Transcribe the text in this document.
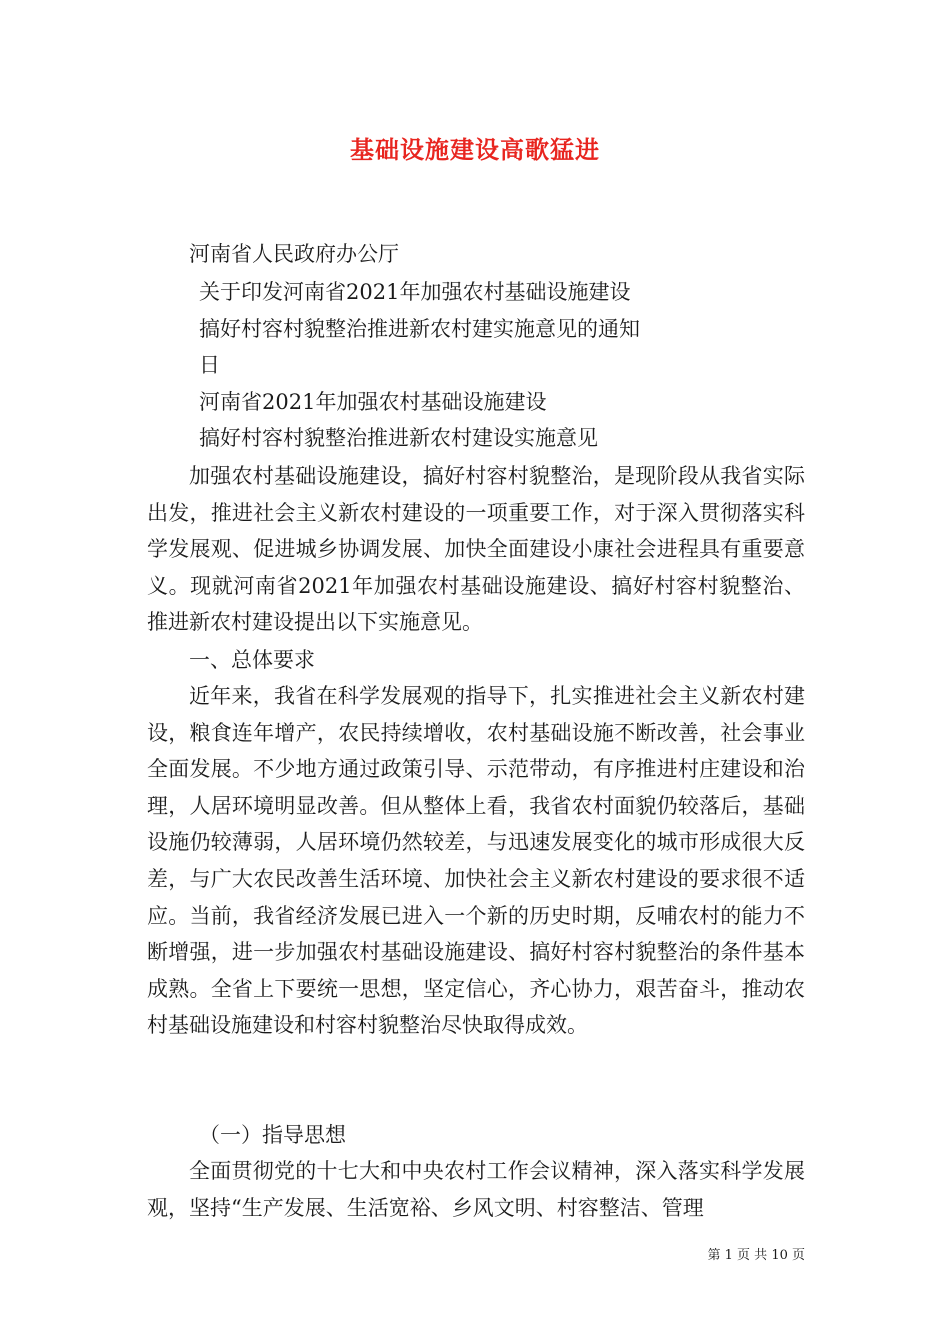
基础设施建设高歌猛进
河南省人民政府办公厅
关于印发河南省2021年加强农村基础设施建设
搞好村容村貌整治推进新农村建实施意见的通知
日
河南省2021年加强农村基础设施建设
搞好村容村貌整治推进新农村建设实施意见

加强农村基础设施建设，搞好村容村貌整治，是现阶段从我省实际出发，推进社会主义新农村建设的一项重要工作，对于深入贯彻落实科学发展观、促进城乡协调发展、加快全面建设小康社会进程具有重要意义。现就河南省2021年加强农村基础设施建设、搞好村容村貌整治、推进新农村建设提出以下实施意见。

一、总体要求

近年来，我省在科学发展观的指导下，扎实推进社会主义新农村建设，粮食连年增产，农民持续增收，农村基础设施不断改善，社会事业全面发展。不少地方通过政策引导、示范带动，有序推进村庄建设和治理，人居环境明显改善。但从整体上看，我省农村面貌仍较落后，基础设施仍较薄弱，人居环境仍然较差，与迅速发展变化的城市形成很大反差，与广大农民改善生活环境、加快社会主义新农村建设的要求很不适应。当前，我省经济发展已进入一个新的历史时期，反哺农村的能力不断增强，进一步加强农村基础设施建设、搞好村容村貌整治的条件基本成熟。全省上下要统一思想，坚定信心，齐心协力，艰苦奋斗，推动农村基础设施建设和村容村貌整治尽快取得成效。

（一）指导思想

全面贯彻党的十七大和中央农村工作会议精神，深入落实科学发展观，坚持“生产发展、生活宽裕、乡风文明、村容整洁、管理

第 1 页 共 10 页
